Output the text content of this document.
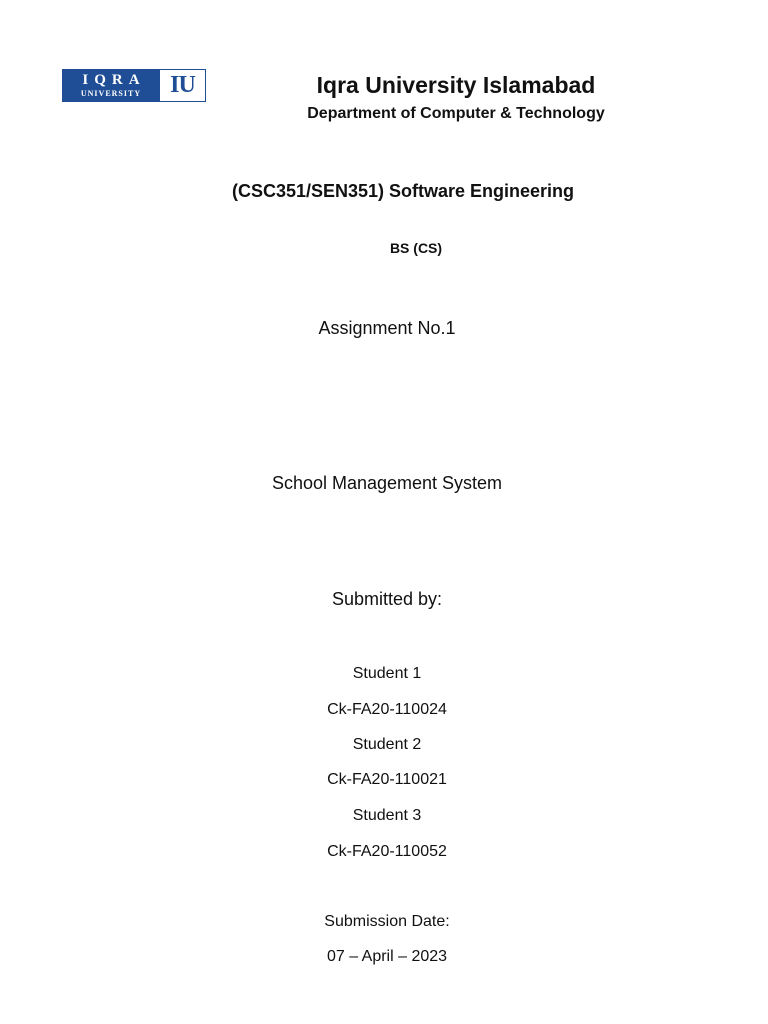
IQRA
UNIVERSITY	IU	Iqra University Islamabad
Department of Computer & Technology
(CSC351/SEN351) Software Engineering
BS (CS)
Assignment No.1
School Management System
Submitted by:
Student 1
Ck-FA20-110024
Student 2
Ck-FA20-110021
Student 3
Ck-FA20-110052
Submission Date:
07 – April – 2023
